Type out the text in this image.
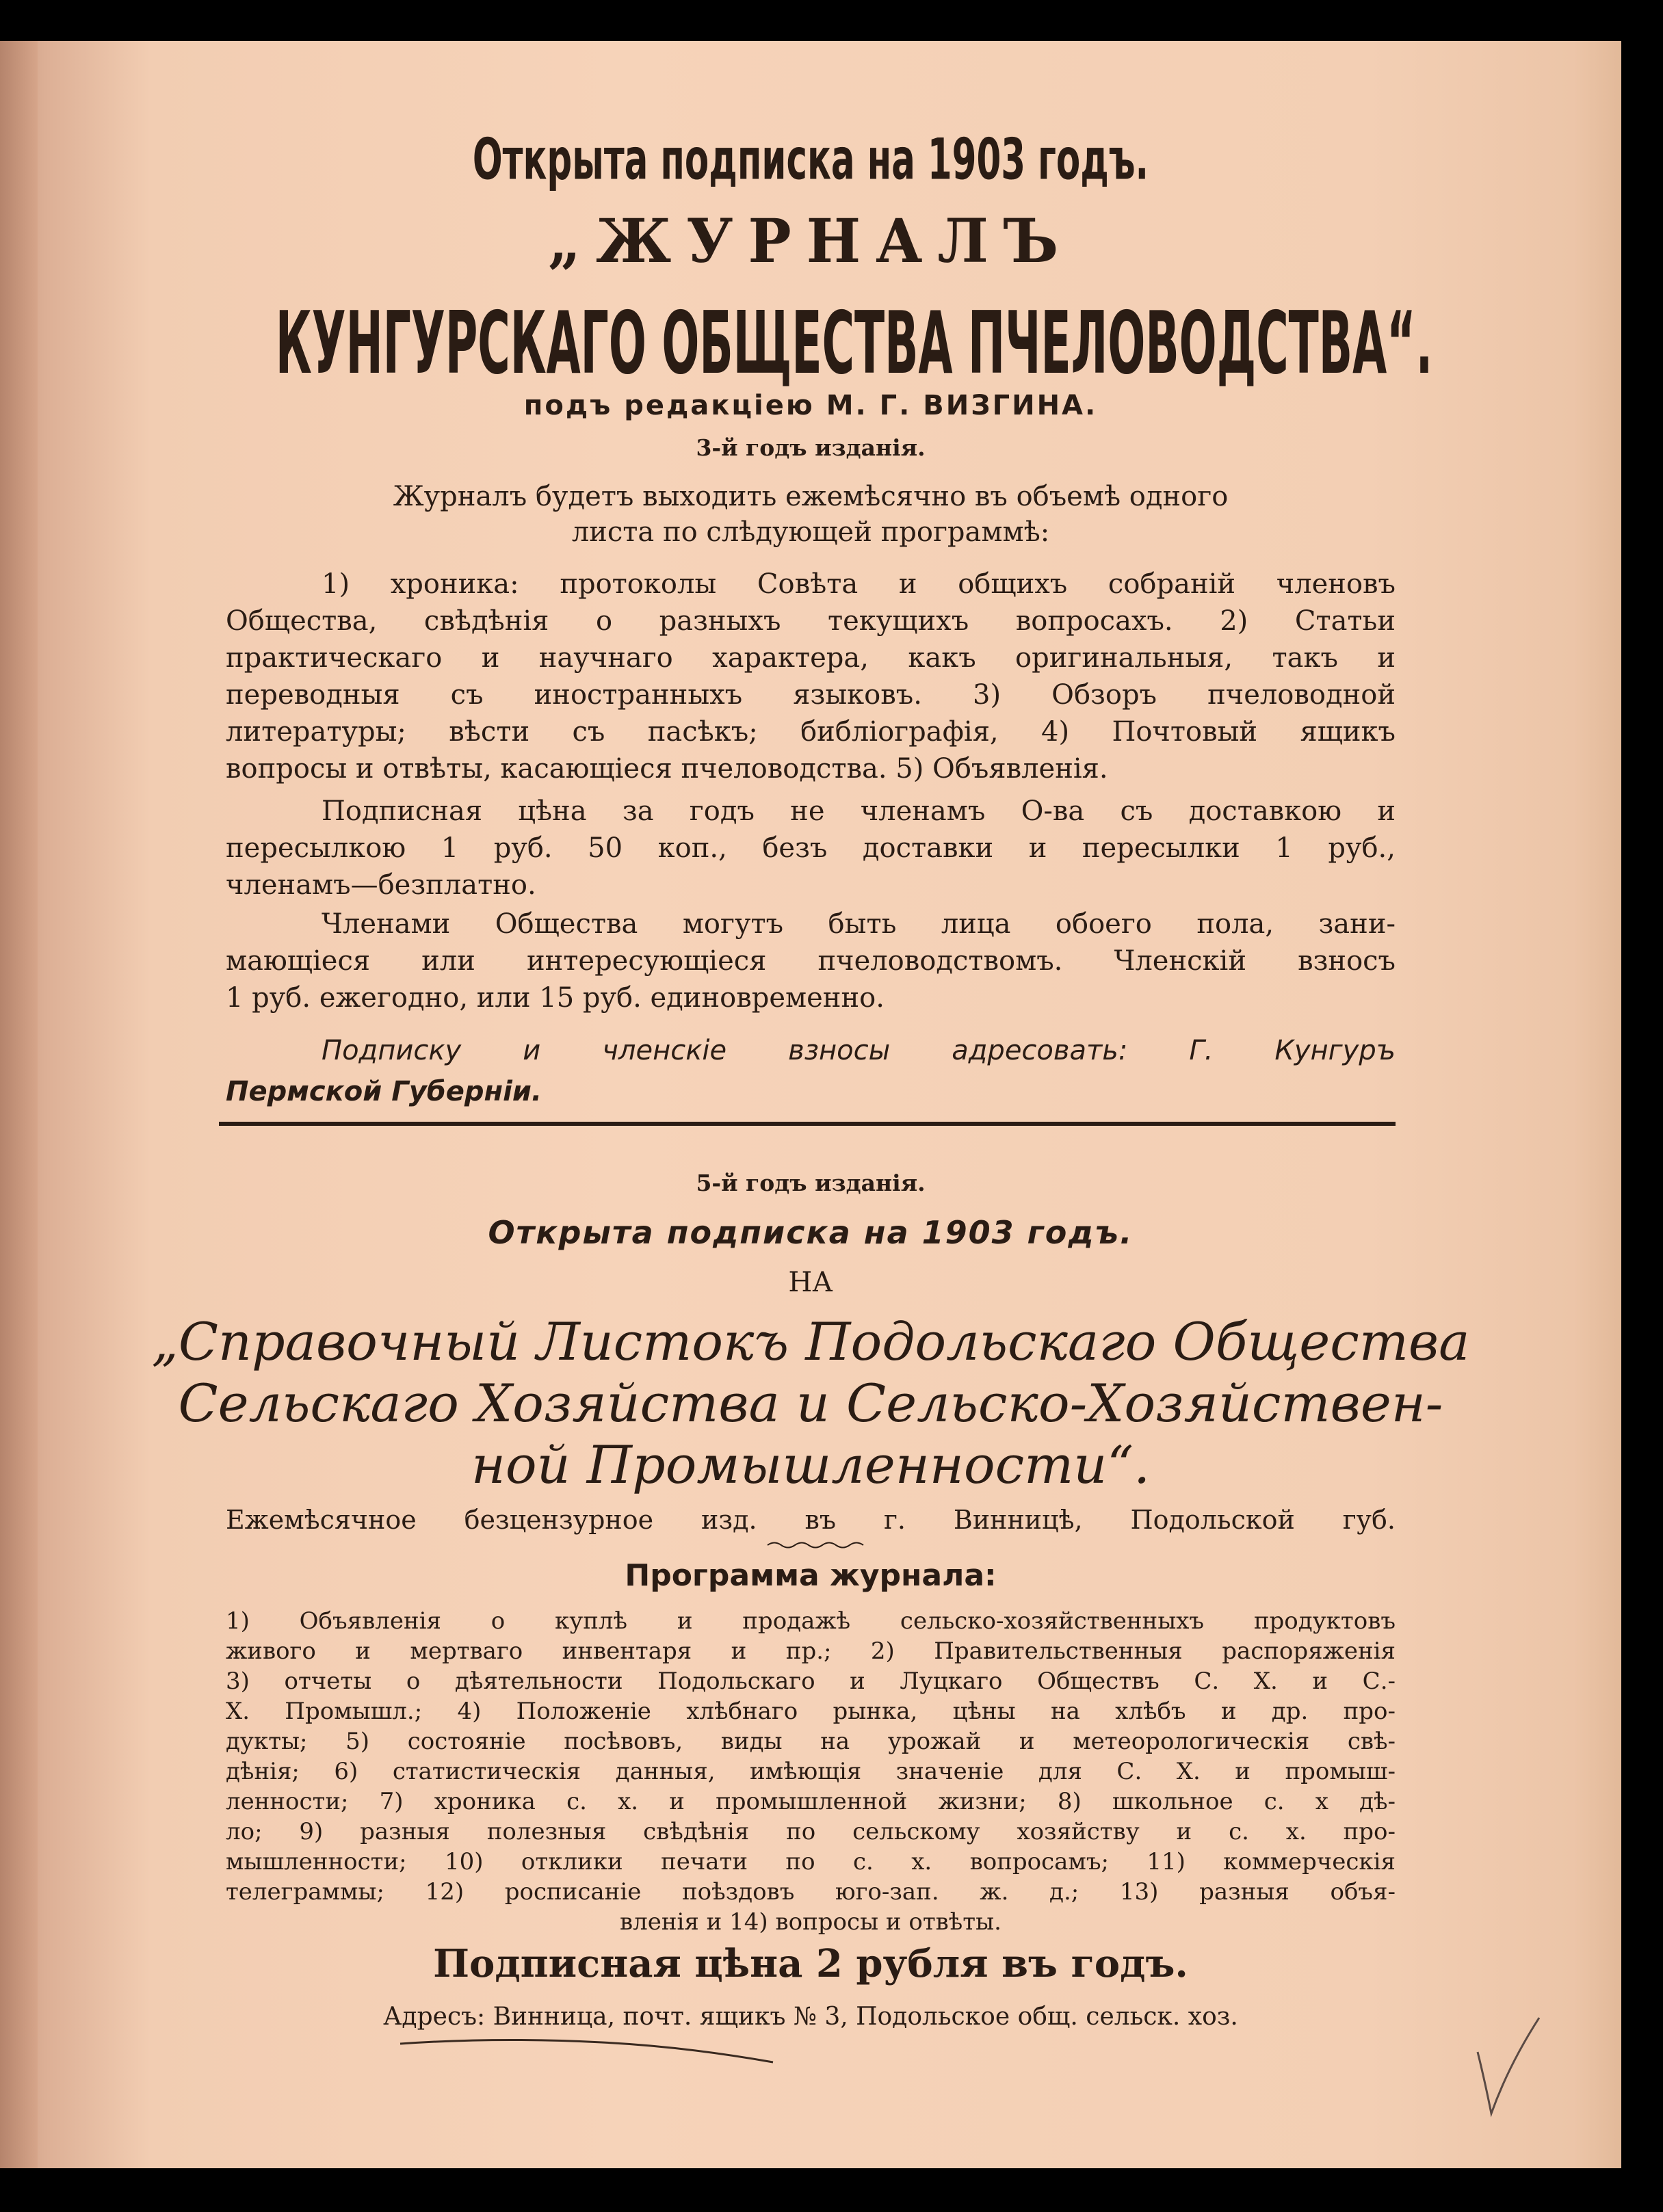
Открыта подписка на 1903 годъ.
„ЖУРНАЛЪ
КУНГУРСКАГО ОБЩЕСТВА ПЧЕЛОВОДСТВА“.
подъ редакціею М. Г. ВИЗГИНА.
3-й годъ изданія.
Журналъ будетъ выходить ежемѣсячно въ объемѣ одного
листа по слѣдующей программѣ:
1) хроника: протоколы Совѣта и общихъ собраній членовъ
Общества, свѣдѣнія о разныхъ текущихъ вопросахъ. 2) Статьи
практическаго и научнаго характера, какъ оригинальныя, такъ и
переводныя съ иностранныхъ языковъ. 3) Обзоръ пчеловодной
литературы; вѣсти съ пасѣкъ; библіографія, 4) Почтовый ящикъ
вопросы и отвѣты, касающіеся пчеловодства. 5) Объявленія.
Подписная цѣна за годъ не членамъ О-ва съ доставкою и
пересылкою 1 руб. 50 коп., безъ доставки и пересылки 1 руб.,
членамъ—безплатно.
Членами Общества могутъ быть лица обоего пола, зани-
мающіеся или интересующіеся пчеловодствомъ. Членскій взносъ
1 руб. ежегодно, или 15 руб. единовременно.
Подписку и членскіе взносы адресовать: Г. Кунгуръ
Пермской Губерніи.
5-й годъ изданія.
Открыта подписка на 1903 годъ.
НА
„Справочный Листокъ Подольскаго Общества
Сельскаго Хозяйства и Сельско-Хозяйствен-
ной Промышленности“.
Ежемѣсячное безцензурное изд. въ г. Винницѣ, Подольской губ.
Программа журнала:
1) Объявленія о куплѣ и продажѣ сельско-хозяйственныхъ продуктовъ
живого и мертваго инвентаря и пр.; 2) Правительственныя распоряженія
3) отчеты о дѣятельности Подольскаго и Луцкаго Обществъ С. Х. и С.-
Х. Промышл.; 4) Положеніе хлѣбнаго рынка, цѣны на хлѣбъ и др. про-
дукты; 5) состояніе посѣвовъ, виды на урожай и метеорологическія свѣ-
дѣнія; 6) статистическія данныя, имѣющія значеніе для С. Х. и промыш-
ленности; 7) хроника с. х. и промышленной жизни; 8) школьное с. х дѣ-
ло; 9) разныя полезныя свѣдѣнія по сельскому хозяйству и с. х. про-
мышленности; 10) отклики печати по с. х. вопросамъ; 11) коммерческія
телеграммы; 12) росписаніе поѣздовъ юго-зап. ж. д.; 13) разныя объя-
вленія и 14) вопросы и отвѣты.
Подписная цѣна 2 рубля въ годъ.
Адресъ: Винница, почт. ящикъ № 3, Подольское общ. сельск. хоз.
